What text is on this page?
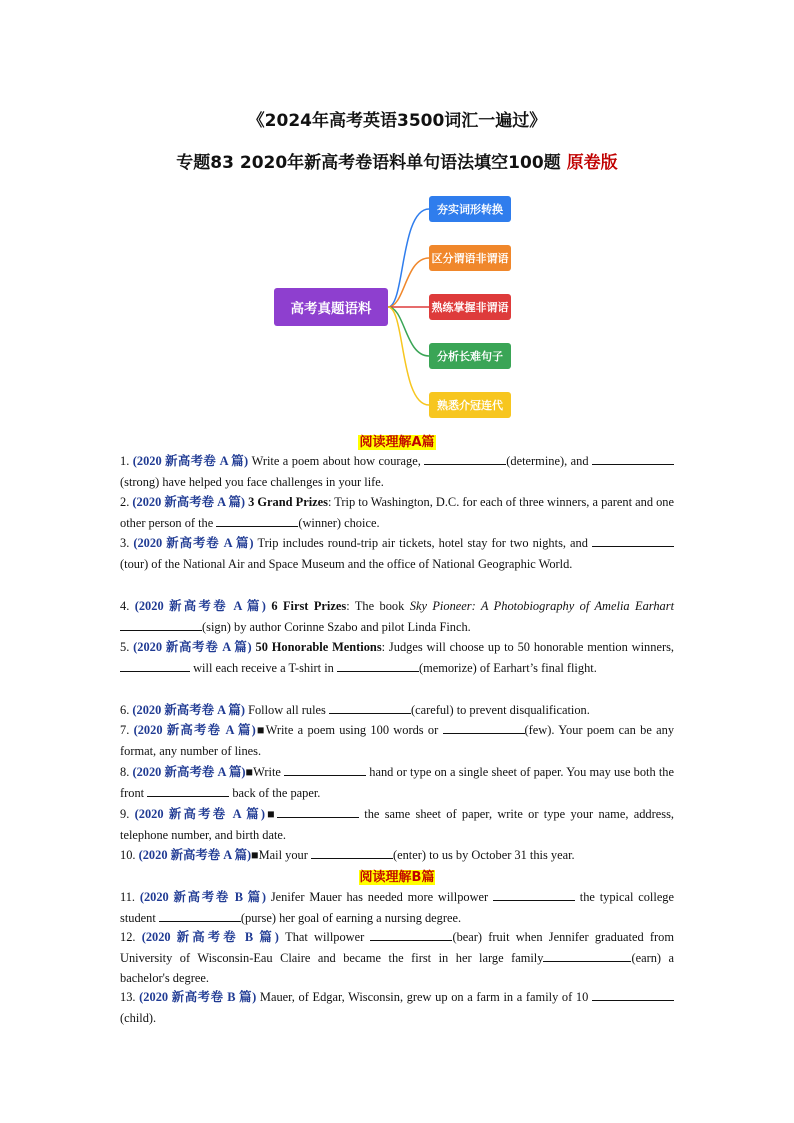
《2024年高考英语3500词汇一遍过》
专题83 2020年新高考卷语料单句语法填空100题 原卷版
高考真题语料
夯实词形转换
区分谓语非谓语
熟练掌握非谓语
分析长难句子
熟悉介冠连代
阅读理解A篇
1. (2020 新高考卷 A 篇) Write a poem about how courage,	(determine), and (strong) have helped you face challenges in your life.
2. (2020 新高考卷 A 篇) 3 Grand Prizes: Trip to Washington, D.C. for each of three winners, a parent and one other person of the	(winner) choice.
3. (2020 新高考卷 A 篇) Trip includes round-trip air tickets, hotel stay for two nights, and (tour) of the National Air and Space Museum and the office of National Geographic World.
4. (2020 新高考卷 A 篇) 6 First Prizes: The book Sky Pioneer: A Photobiography of Amelia Earhart (sign) by author Corinne Szabo and pilot Linda Finch.
5. (2020 新高考卷 A 篇) 50 Honorable Mentions: Judges will choose up to 50 honorable mention winners,  will each receive a T-shirt in	(memorize) of Earhart’s final flight.
6. (2020 新高考卷 A 篇) Follow all rules	(careful) to prevent disqualification.
7. (2020 新高考卷 A 篇)■Write a poem using 100 words or	(few). Your poem can be any format, any number of lines.
8. (2020 新高考卷 A 篇)■Write	hand or type on a single sheet of paper. You may use both the front	back of the paper.
9. (2020 新高考卷 A 篇)■	the same sheet of paper, write or type your name, address, telephone number, and birth date.
10. (2020 新高考卷 A 篇)■Mail your	(enter) to us by October 31 this year.
阅读理解B篇
11. (2020 新高考卷 B 篇) Jenifer Mauer has needed more willpower	the typical college student	(purse) her goal of earning a nursing degree.
12. (2020 新高考卷 B 篇) That willpower	(bear) fruit when Jennifer graduated from University of Wisconsin-Eau Claire and became the first in her large family	(earn) a bachelor's degree.
13. (2020 新高考卷 B 篇) Mauer, of Edgar, Wisconsin, grew up on a farm in a family of 10 (child).
